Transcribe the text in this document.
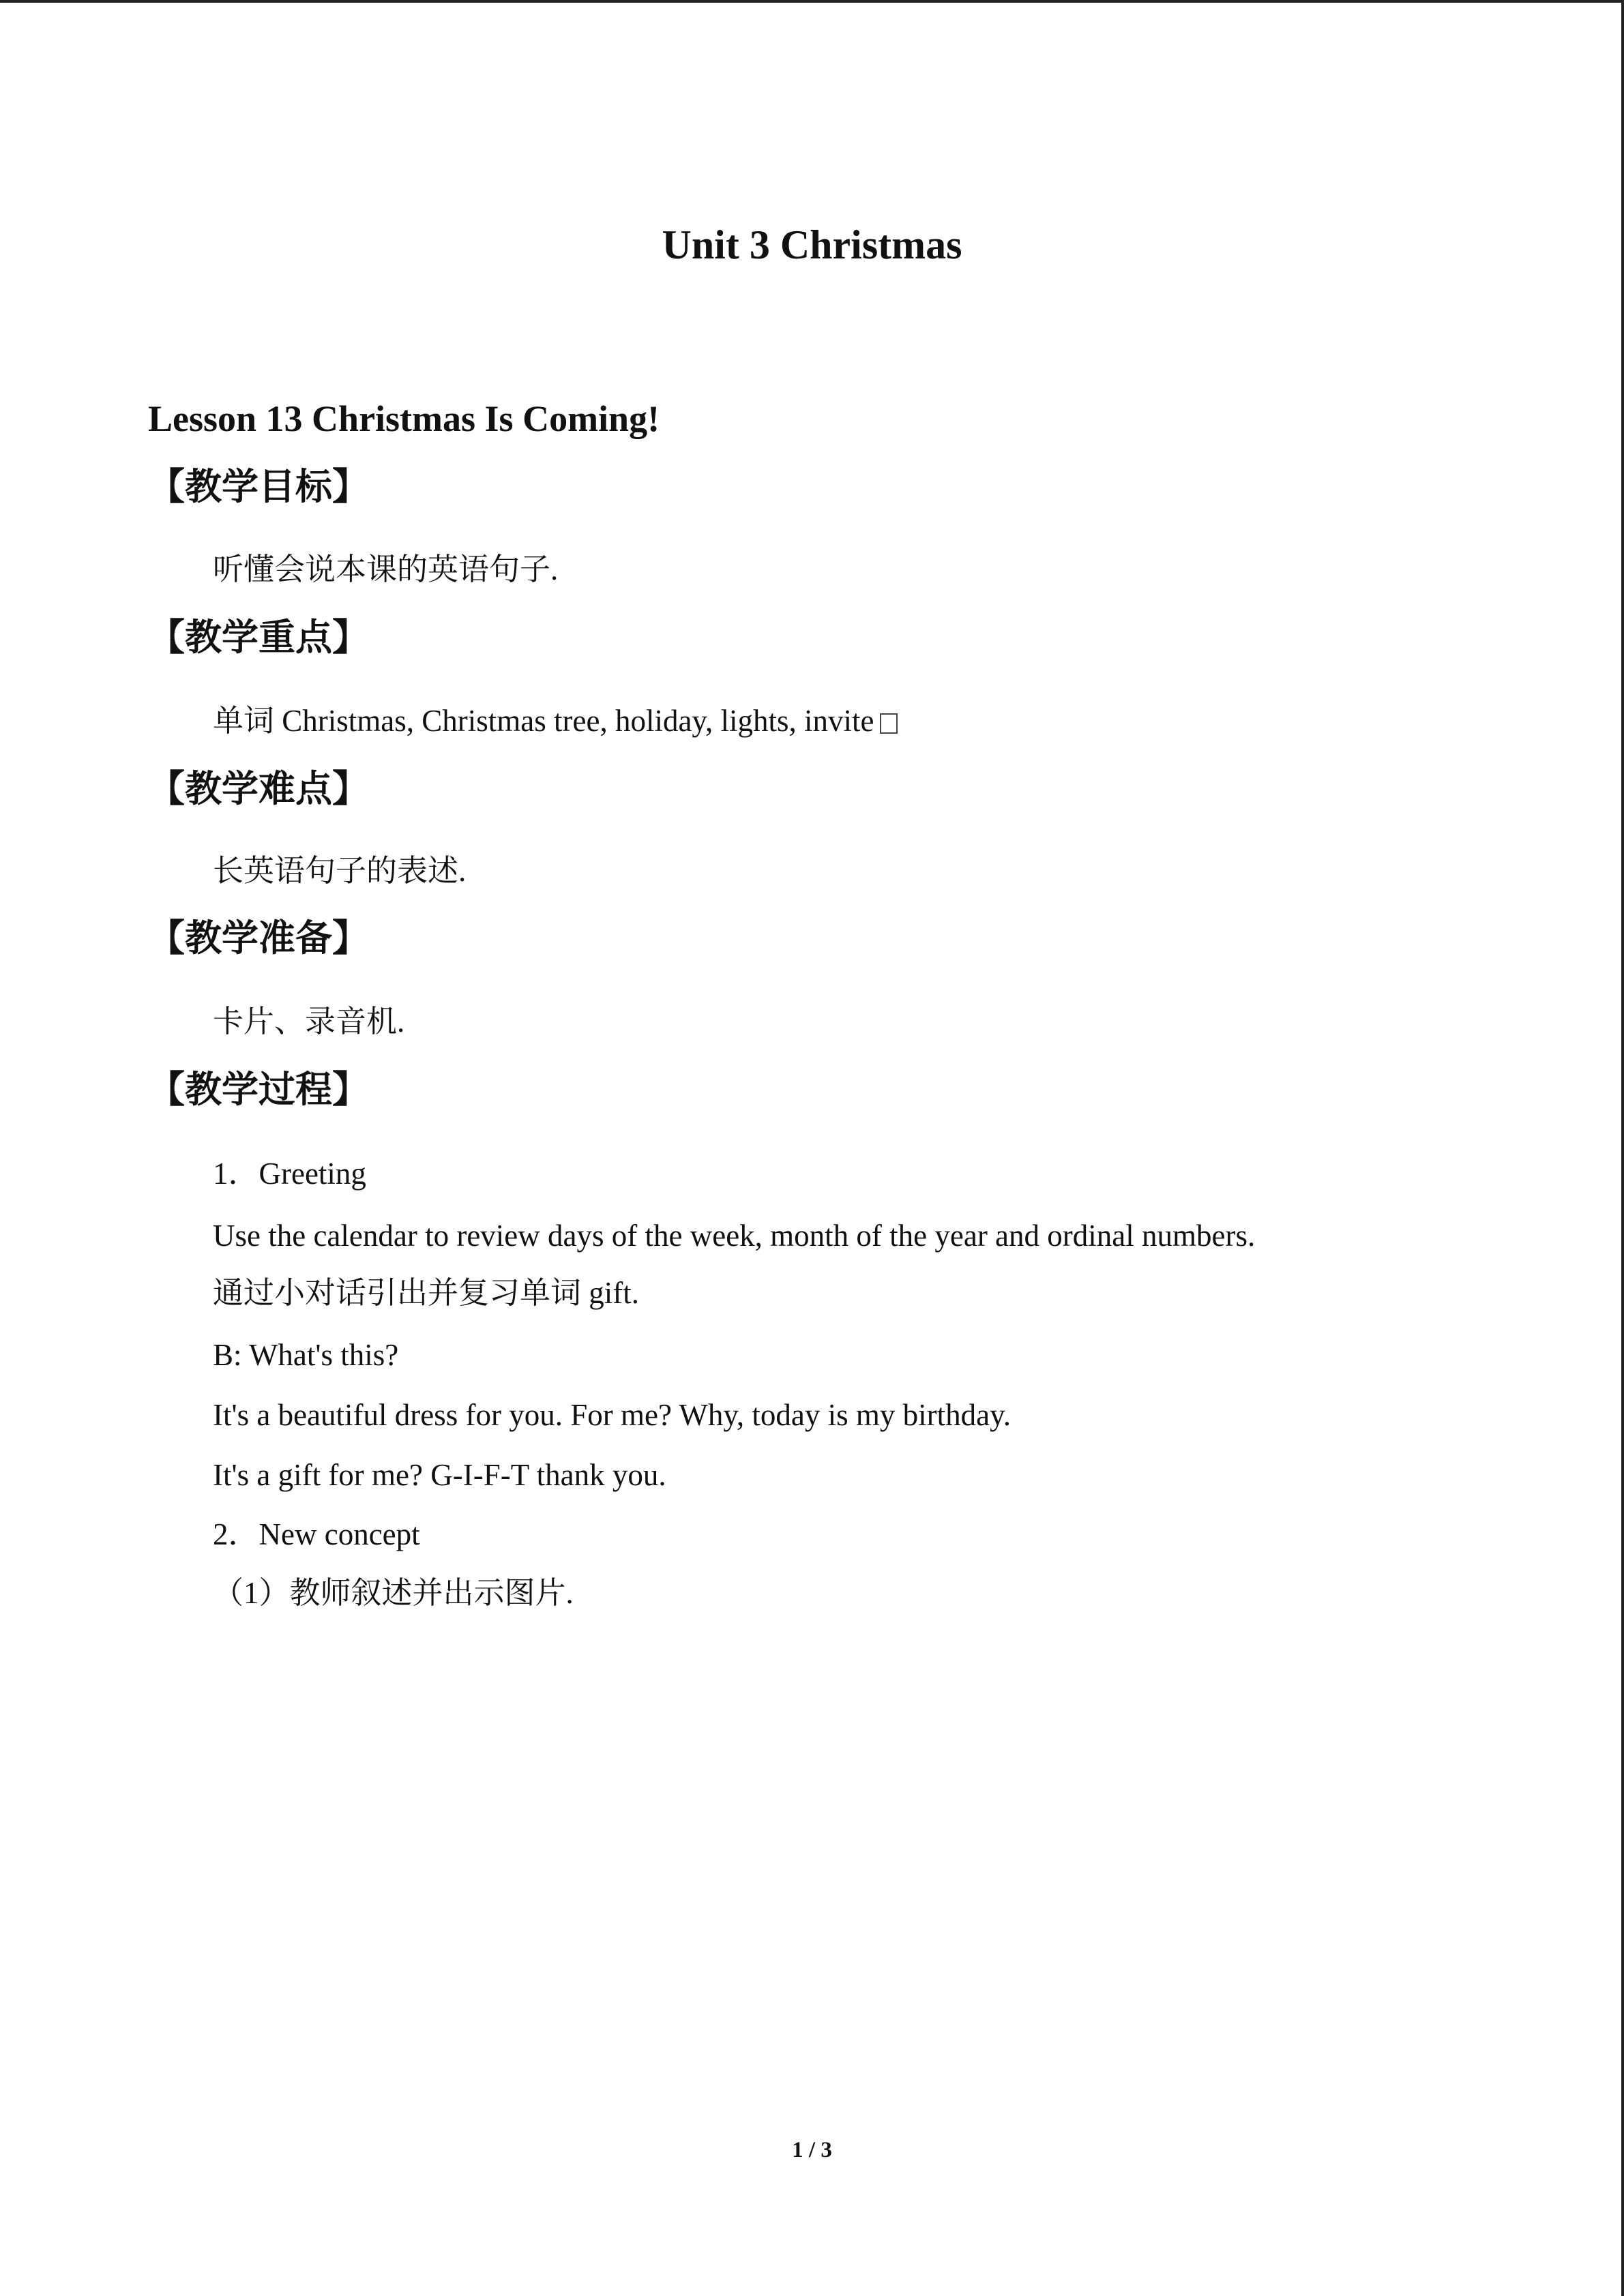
Unit 3 Christmas
Lesson 13 Christmas Is Coming!
【教学目标】
听懂会说本课的英语句子.
【教学重点】
单词 Christmas, Christmas tree, holiday, lights, invite
【教学难点】
长英语句子的表述.
【教学准备】
卡片、录音机.
【教学过程】
1．Greeting
Use the calendar to review days of the week, month of the year and ordinal numbers.
通过小对话引出并复习单词 gift.
B: What's this?
It's a beautiful dress for you. For me? Why, today is my birthday.
It's a gift for me? G-I-F-T thank you.
2．New concept
（1）教师叙述并出示图片.
1 / 3
